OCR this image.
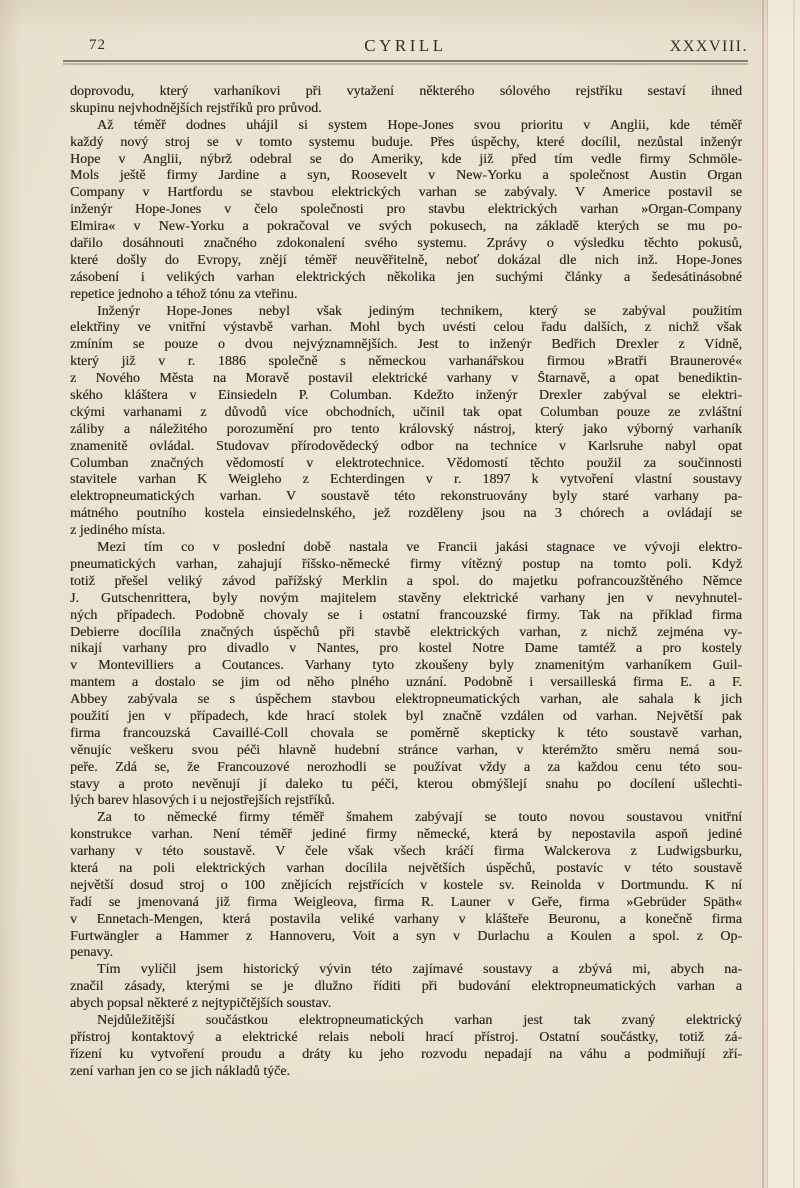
72	CYRILL	XXXVIII.
doprovodu, který varhaníkovi při vytažení některého sólového rejstříku sestaví ihned
skupinu nejvhodnějších rejstříků pro průvod.
Až téměř dodnes uhájil si system Hope-Jones svou prioritu v Anglii, kde téměř
každý nový stroj se v tomto systemu buduje. Přes úspěchy, které docílil, nezůstal inženýr
Hope v Anglii, nýbrž odebral se do Ameriky, kde již před tím vedle firmy Schmöle-
Mols ještě firmy Jardine a syn, Roosevelt v New-Yorku a společnost Austin Organ
Company v Hartfordu se stavbou elektrických varhan se zabývaly. V Americe postavil se
inženýr Hope-Jones v čelo společnosti pro stavbu elektrických varhan »Organ-Company
Elmira« v New-Yorku a pokračoval ve svých pokusech, na základě kterých se mu po-
dařilo dosáhnouti značného zdokonalení svého systemu. Zprávy o výsledku těchto pokusů,
které došly do Evropy, znějí téměř neuvěřitelně, neboť dokázal dle nich inž. Hope-Jones
zásobení i velikých varhan elektrických několika jen suchými články a šedesátinásobné
repetice jednoho a téhož tónu za vteřinu.
Inženýr Hope-Jones nebyl však jediným technikem, který se zabýval použitím
elektřiny ve vnitřní výstavbě varhan. Mohl bych uvésti celou řadu dalších, z nichž však
zmíním se pouze o dvou nejvýznamnějších. Jest to inženýr Bedřich Drexler z Vídně,
který již v r. 1886 společně s německou varhanářskou firmou »Bratři Braunerové«
z Nového Města na Moravě postavil elektrické varhany v Štarnavě, a opat benediktin-
ského kláštera v Einsiedeln P. Columban. Kdežto inženýr Drexler zabýval se elektri-
ckými varhanami z důvodů více obchodních, učinil tak opat Columban pouze ze zvláštní
záliby a náležitého porozumění pro tento královský nástroj, který jako výborný varhaník
znamenitě ovládal. Studovav přírodovědecký odbor na technice v Karlsruhe nabyl opat
Columban značných vědomostí v elektrotechnice. Vědomostí těchto použil za součinnosti
stavitele varhan K Weigleho z Echterdingen v r. 1897 k vytvoření vlastní soustavy
elektropneumatických varhan. V soustavě této rekonstruovány byly staré varhany pa-
mátného poutního kostela einsiedelnského, jež rozděleny jsou na 3 chórech a ovládají se
z jediného místa.
Mezi tím co v poslední době nastala ve Francii jakási stagnace ve vývoji elektro-
pneumatických varhan, zahajují říšsko-německé firmy vítězný postup na tomto poli. Když
totiž přešel veliký závod pařížský Merklin a spol. do majetku pofrancouzštěného Němce
J. Gutschenrittera, byly novým majitelem stavěny elektrické varhany jen v nevyhnutel-
ných případech. Podobně chovaly se i ostatní francouzské firmy. Tak na příklad firma
Debierre docílila značných úspěchů při stavbě elektrických varhan, z nichž zejména vy-
nikají varhany pro divadlo v Nantes, pro kostel Notre Dame tamtéž a pro kostely
v Montevilliers a Coutances. Varhany tyto zkoušeny byly znamenitým varhaníkem Guil-
mantem a dostalo se jim od něho plného uznání. Podobně i versailleská firma E. a F.
Abbey zabývala se s úspěchem stavbou elektropneumatických varhan, ale sahala k jich
použití jen v případech, kde hrací stolek byl značně vzdálen od varhan. Největší pak
firma francouzská Cavaillé-Coll chovala se poměrně skepticky k této soustavě varhan,
věnujíc veškeru svou péči hlavně hudební stránce varhan, v kterémžto směru nemá sou-
peře. Zdá se, že Francouzové nerozhodli se používat vždy a za každou cenu této sou-
stavy a proto nevěnují jí daleko tu péči, kterou obmýšlejí snahu po docílení ušlechti-
lých barev hlasových i u nejostřejších rejstříků.
Za to německé firmy téměř šmahem zabývají se touto novou soustavou vnitřní
konstrukce varhan. Není téměř jediné firmy německé, která by nepostavila aspoň jediné
varhany v této soustavě. V čele však všech kráčí firma Walckerova z Ludwigsburku,
která na poli elektrických varhan docílila největších úspěchů, postavíc v této soustavě
největší dosud stroj o 100 znějících rejstřících v kostele sv. Reinolda v Dortmundu. K ní
řadí se jmenovaná již firma Weigleova, firma R. Launer v Geře, firma »Gebrüder Späth«
v Ennetach-Mengen, která postavila veliké varhany v klášteře Beuronu, a konečně firma
Furtwängler a Hammer z Hannoveru, Voit a syn v Durlachu a Koulen a spol. z Op-
penavy.
Tím vylíčil jsem historický vývin této zajímavé soustavy a zbývá mi, abych na-
značil zásady, kterými se je dlužno říditi při budování elektropneumatických varhan a
abych popsal některé z nejtypičtějších soustav.
Nejdůležitější součástkou elektropneumatických varhan jest tak zvaný elektrický
přístroj kontaktový a elektrické relais neboli hrací přístroj. Ostatní součástky, totiž zá-
řízení ku vytvoření proudu a dráty ku jeho rozvodu nepadají na váhu a podmiňují zří-
zení varhan jen co se jich nákladů týče.
